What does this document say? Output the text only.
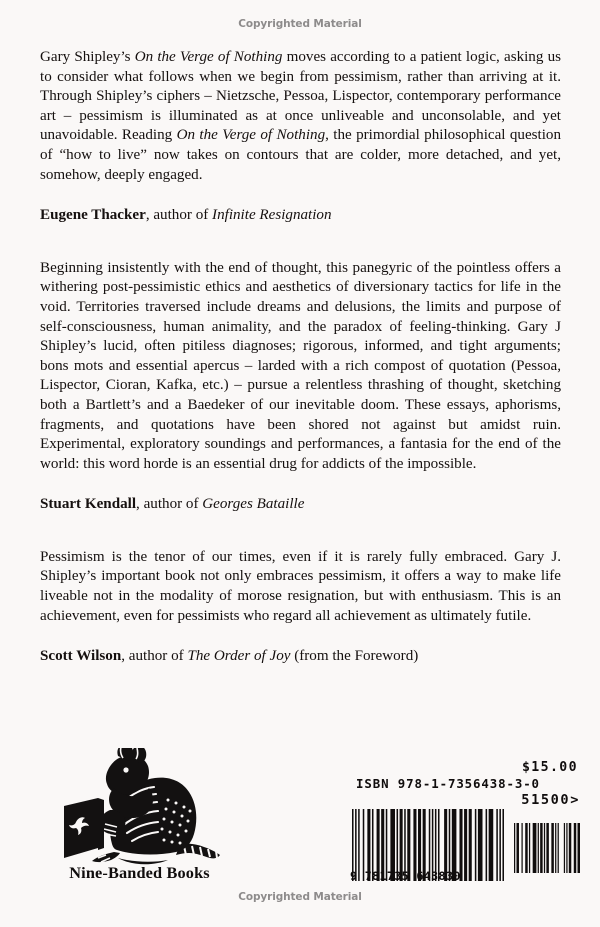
Copyrighted Material

Gary Shipley’s On the Verge of Nothing moves according to a patient logic, asking us to consider what follows when we begin from pessimism, rather than arriving at it. Through Shipley’s ciphers – Nietzsche, Pessoa, Lispector, contemporary performance art – pessimism is illuminated as at once unliveable and unconsolable, and yet unavoidable. Reading On the Verge of Nothing, the primordial philosophical question of “how to live” now takes on contours that are colder, more detached, and yet, somehow, deeply engaged.

Eugene Thacker, author of Infinite Resignation

Beginning insistently with the end of thought, this panegyric of the pointless offers a withering post-pessimistic ethics and aesthetics of diversionary tactics for life in the void. Territories traversed include dreams and delusions, the limits and purpose of self-consciousness, human animality, and the paradox of feeling-thinking. Gary J Shipley’s lucid, often pitiless diagnoses; rigorous, informed, and tight arguments; bons mots and essential apercus – larded with a rich compost of quotation (Pessoa, Lispector, Cioran, Kafka, etc.) – pursue a relentless thrashing of thought, sketching both a Bartlett’s and a Baedeker of our inevitable doom. These essays, aphorisms, fragments, and quotations have been shored not against but amidst ruin. Experimental, exploratory soundings and performances, a fantasia for the end of the world: this word horde is an essential drug for addicts of the impossible.

Stuart Kendall, author of Georges Bataille

Pessimism is the tenor of our times, even if it is rarely fully embraced. Gary J. Shipley’s important book not only embraces pessimism, it offers a way to make life liveable not in the modality of morose resignation, but with enthusiasm. This is an achievement, even for pessimists who regard all achievement as ultimately futile.

Scott Wilson, author of The Order of Joy (from the Foreword)

Nine-Banded Books
$15.00
ISBN 978-1-7356438-3-0
51500>
9 781735 643830
Copyrighted Material
